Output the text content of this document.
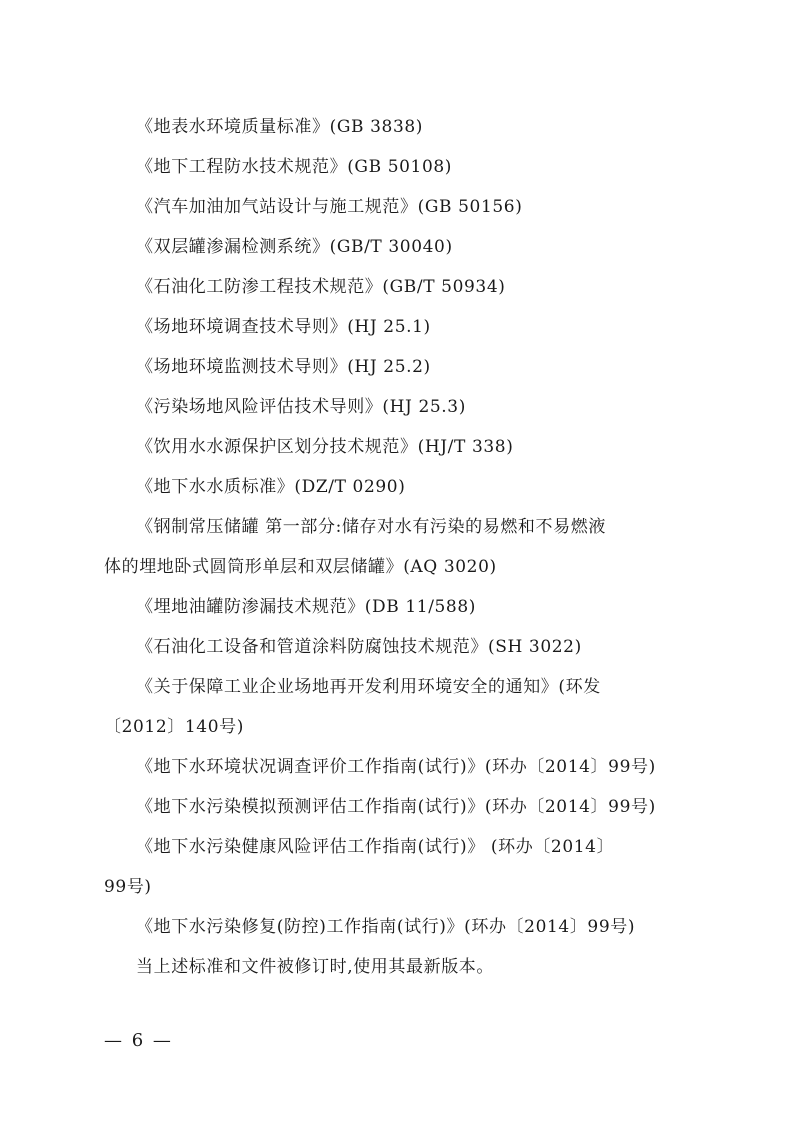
《地表水环境质量标准》(GB 3838)
《地下工程防水技术规范》(GB 50108)
《汽车加油加气站设计与施工规范》(GB 50156)
《双层罐渗漏检测系统》(GB/T 30040)
《石油化工防渗工程技术规范》(GB/T 50934)
《场地环境调查技术导则》(HJ 25.1)
《场地环境监测技术导则》(HJ 25.2)
《污染场地风险评估技术导则》(HJ 25.3)
《饮用水水源保护区划分技术规范》(HJ/T 338)
《地下水水质标准》(DZ/T 0290)
《钢制常压储罐 第一部分:储存对水有污染的易燃和不易燃液
体的埋地卧式圆筒形单层和双层储罐》(AQ 3020)
《埋地油罐防渗漏技术规范》(DB 11/588)
《石油化工设备和管道涂料防腐蚀技术规范》(SH 3022)
《关于保障工业企业场地再开发利用环境安全的通知》(环发
〔2012〕140号)
《地下水环境状况调查评价工作指南(试行)》(环办〔2014〕99号)
《地下水污染模拟预测评估工作指南(试行)》(环办〔2014〕99号)
《地下水污染健康风险评估工作指南(试行)》 (环办〔2014〕
99号)
《地下水污染修复(防控)工作指南(试行)》(环办〔2014〕99号)
当上述标准和文件被修订时,使用其最新版本。
— 6 —
